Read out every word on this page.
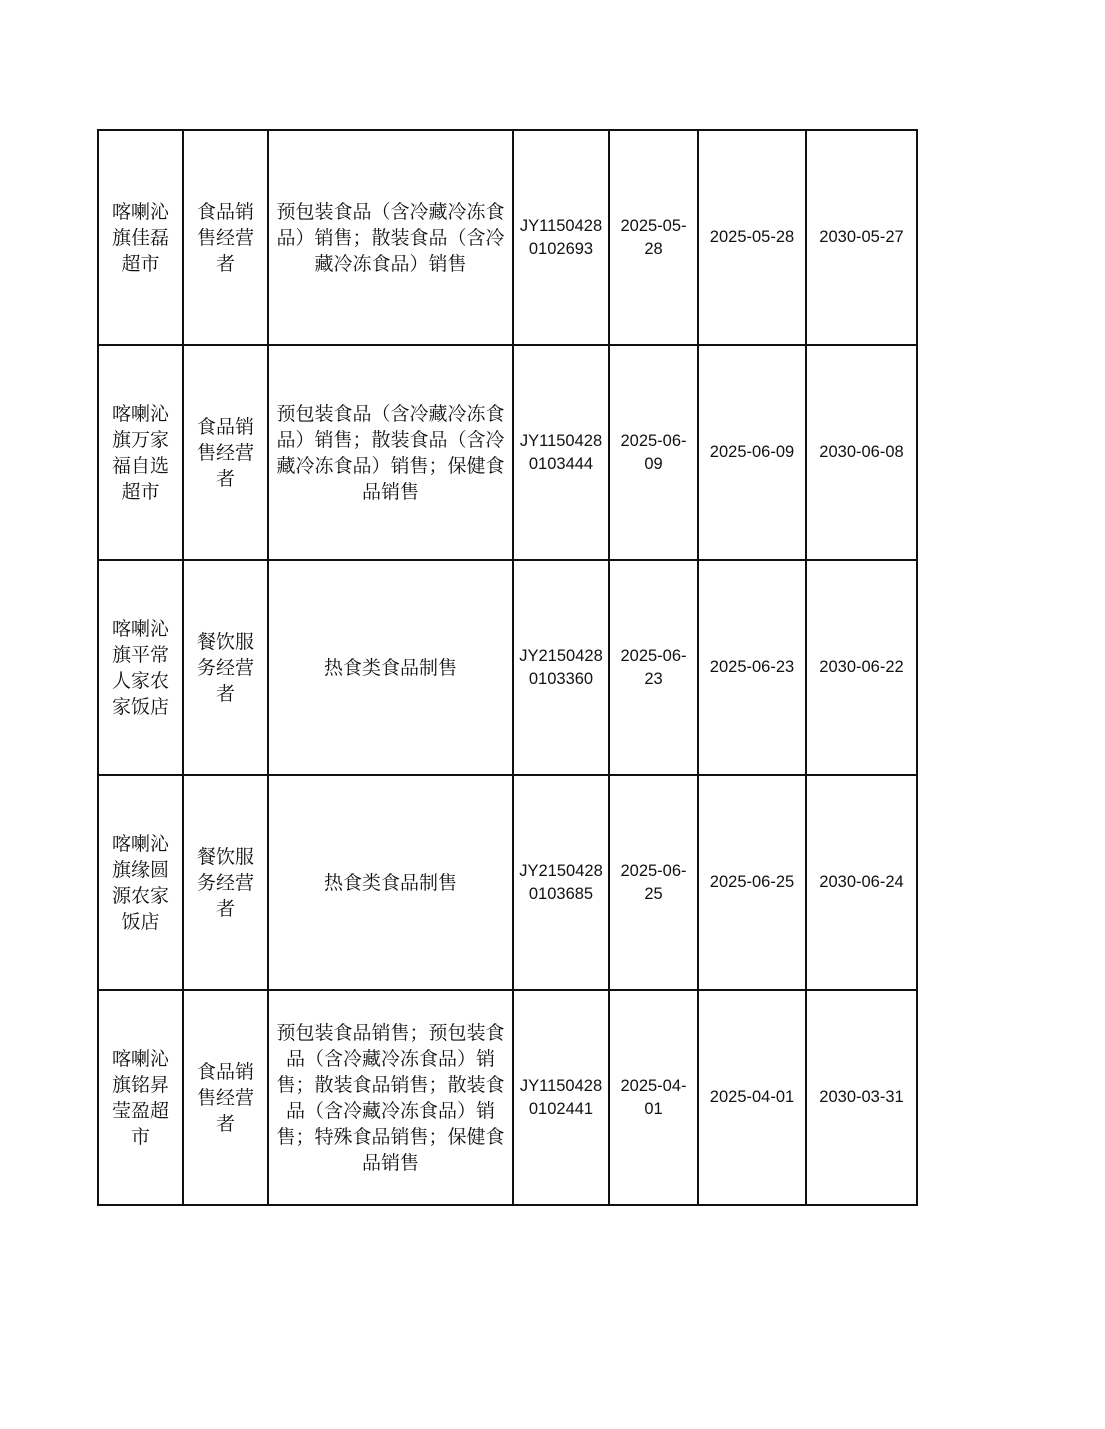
喀喇沁旗佳磊超市	食品销售经营者	预包装食品（含冷藏冷冻食品）销售；散装食品（含冷藏冷冻食品）销售	JY11504280102693	2025-05-28	2025-05-28	2030-05-27

喀喇沁旗万家福自选超市	食品销售经营者	预包装食品（含冷藏冷冻食品）销售；散装食品（含冷藏冷冻食品）销售；保健食品销售	JY11504280103444	2025-06-09	2025-06-09	2030-06-08

喀喇沁旗平常人家农家饭店	餐饮服务经营者	热食类食品制售	JY21504280103360	2025-06-23	2025-06-23	2030-06-22

喀喇沁旗缘圆源农家饭店	餐饮服务经营者	热食类食品制售	JY21504280103685	2025-06-25	2025-06-25	2030-06-24

喀喇沁旗铭昇莹盈超市	食品销售经营者	预包装食品销售；预包装食品（含冷藏冷冻食品）销售；散装食品销售；散装食品（含冷藏冷冻食品）销售；特殊食品销售；保健食品销售	JY11504280102441	2025-04-01	2025-04-01	2030-03-31
